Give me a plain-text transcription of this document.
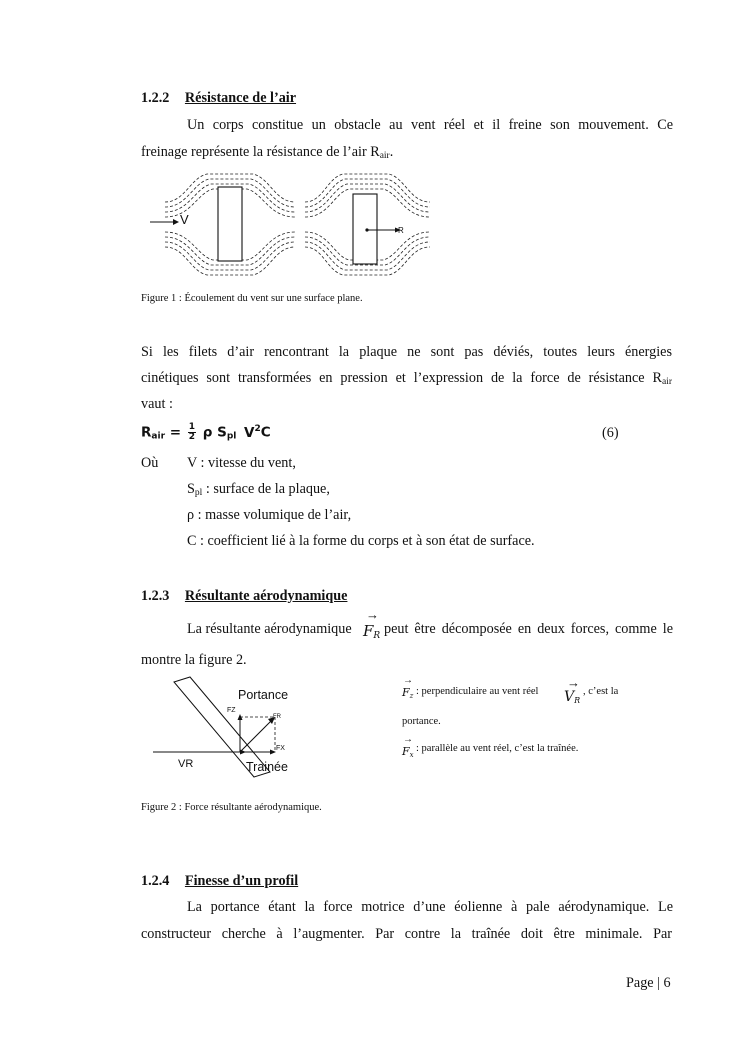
1.2.2 Résistance de l’air
Un corps constitue un obstacle au vent réel et il freine son mouvement. Ce
freinage représente la résistance de l’air $R_{air}$.
V
R
Figure 1 : Écoulement du vent sur une surface plane.
Si les filets d’air rencontrant la plaque ne sont pas déviés, toutes leurs énergies
cinétiques sont transformées en pression et l’expression de la force de résistance $R_{air}$
vaut :
$R_{air} = \frac{1}{2}$ ρ $S_{pl}$ $V^2C$	(6)
Où V : vitesse du vent,
$S_{pl}$ : surface de la plaque,
ρ : masse volumique de l’air,
C : coefficient lié à la forme du corps et à son état de surface.
1.2.3 Résultante aérodynamique
La résultante aérodynamique
→
$F_R$ peut être décomposée en deux forces, comme le
montre la figure 2.
Portance
Trainée
FZ
FX
FR
VR
→
$F_z$ : perpendiculaire au vent réel
→
$V_R$
, c’est la
portance.
→
$F_x$
: parallèle au vent réel, c’est la traînée.
Figure 2 : Force résultante aérodynamique.
1.2.4 Finesse d’un profil
La portance étant la force motrice d’une éolienne à pale aérodynamique. Le
constructeur cherche à l’augmenter. Par contre la traînée doit être minimale. Par
Page | 6
